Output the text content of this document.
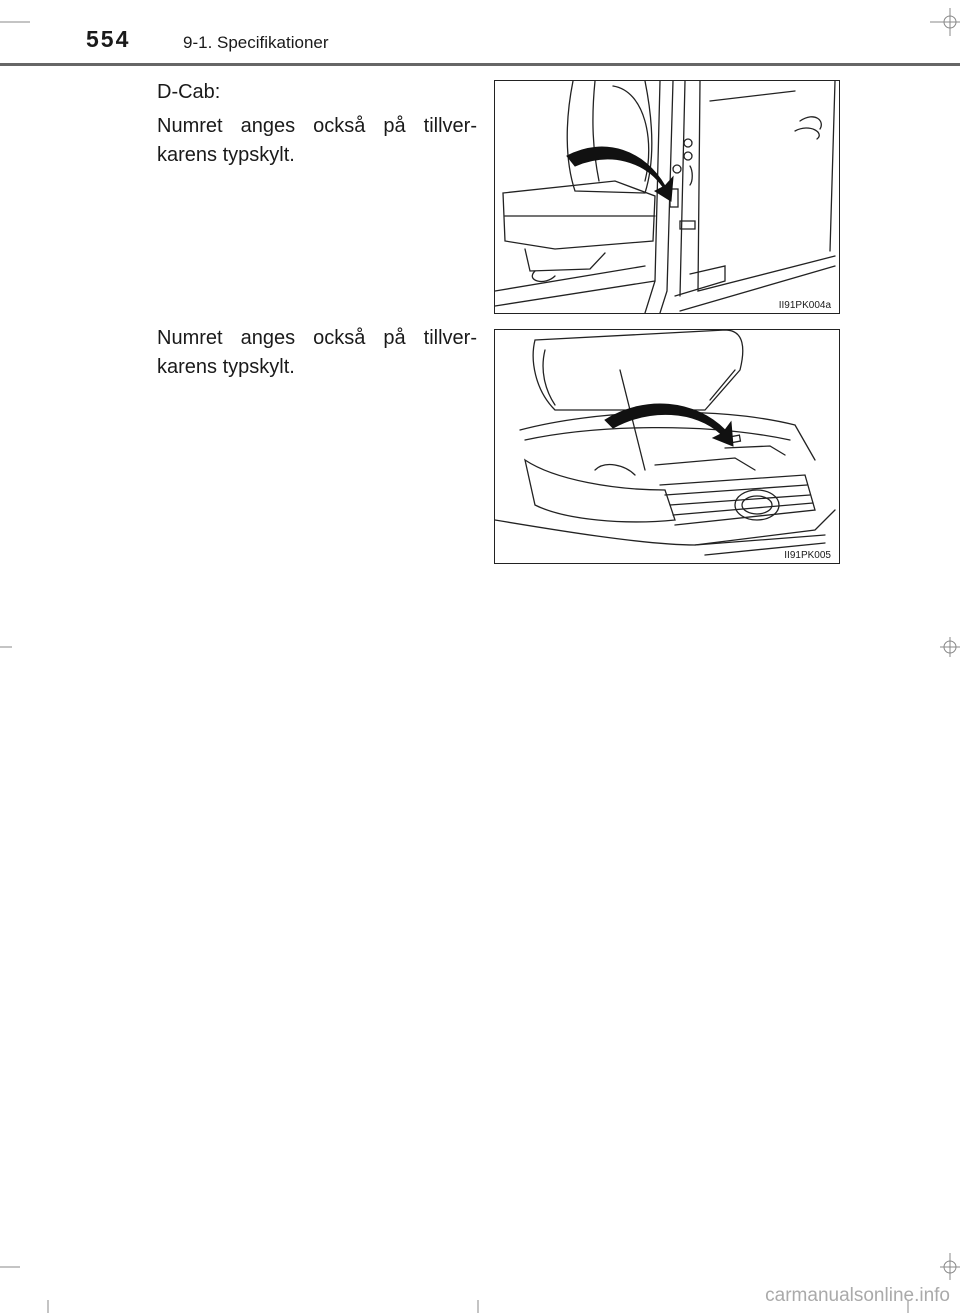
554	9-1. Specifikationer

D-Cab:

Numret anges också på tillverkarens typskylt.

Numret anges också på tillverkarens typskylt.

II91PK004a
II91PK005
carmanualsonline.info
